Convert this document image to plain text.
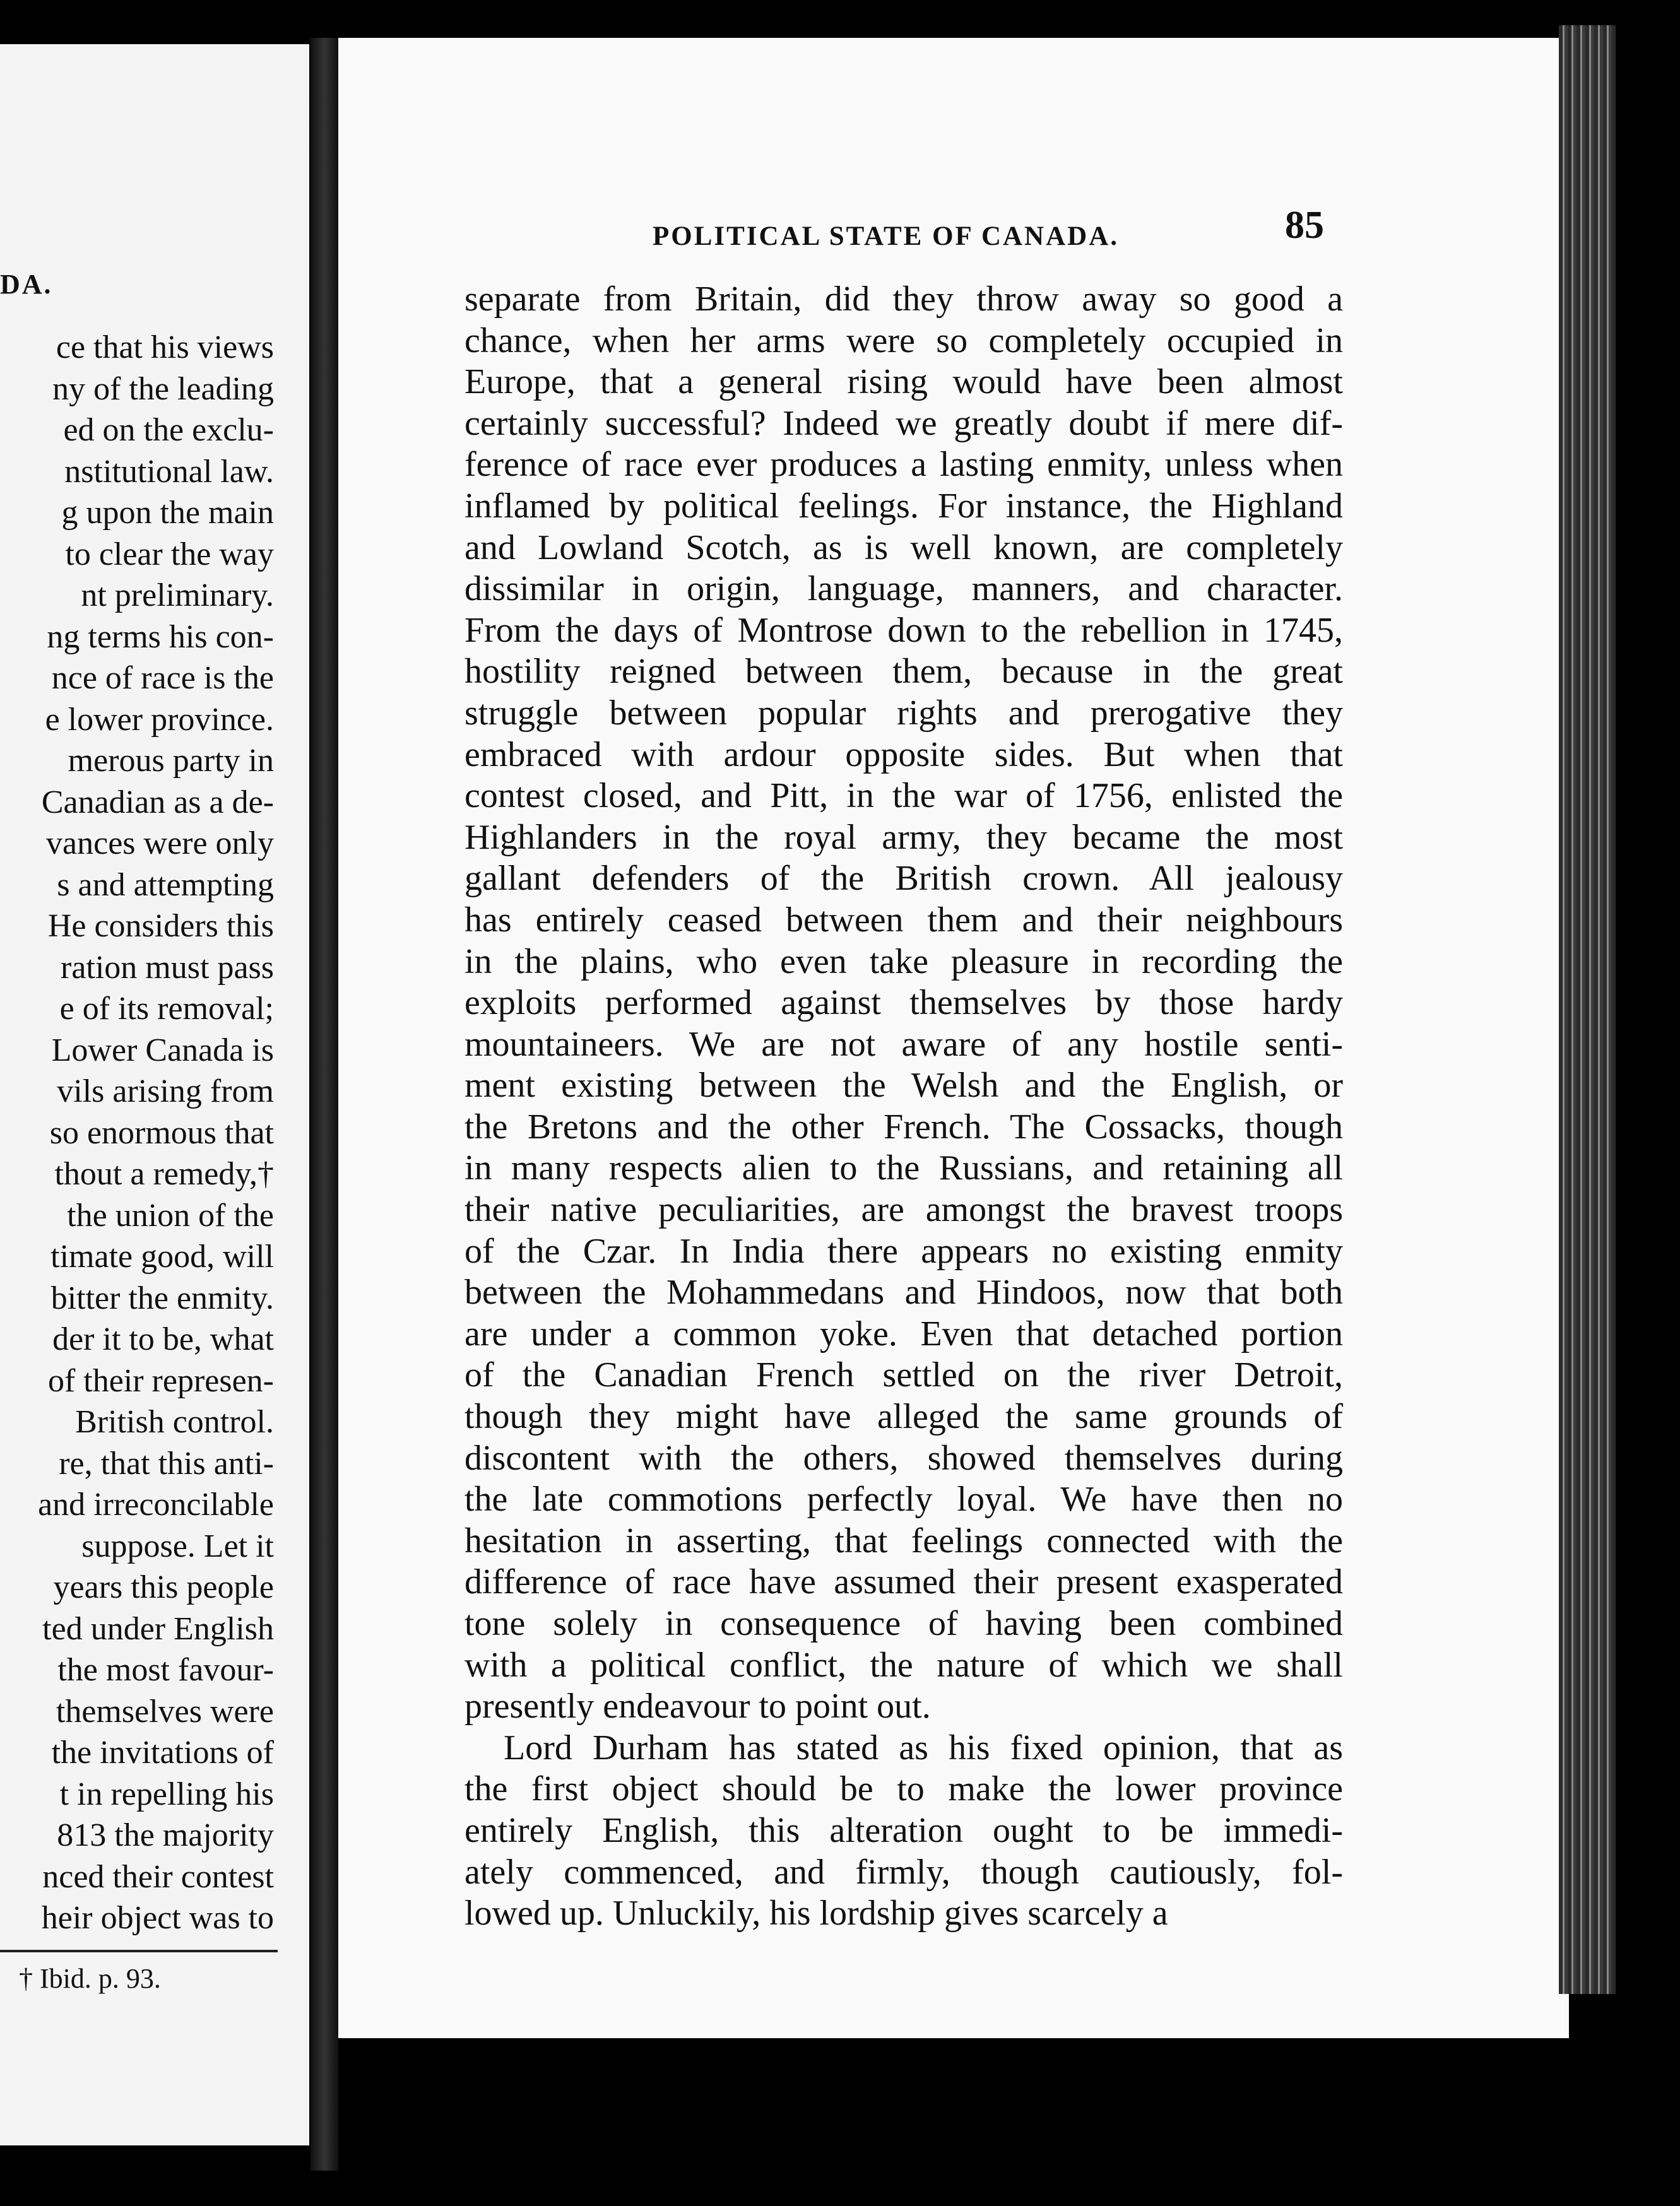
DA.
ce that his views
ny of the leading
ed on the exclu-
nstitutional law.
g upon the main
to clear the way
nt preliminary.
ng terms his con-
nce of race is the
e lower province.
merous party in
Canadian as a de-
vances were only
s and attempting
He considers this
ration must pass
e of its removal;
Lower Canada is
vils arising from
so enormous that
thout a remedy,†
the union of the
timate good, will
bitter the enmity.
der it to be, what
of their represen-
British control.
re, that this anti-
and irreconcilable
suppose. Let it
years this people
ted under English
the most favour-
themselves were
the invitations of
t in repelling his
813 the majority
nced their contest
heir object was to
† Ibid. p. 93.
POLITICAL STATE OF CANADA.	85
separate from Britain, did they throw away so good a
chance, when her arms were so completely occupied in
Europe, that a general rising would have been almost
certainly successful? Indeed we greatly doubt if mere dif-
ference of race ever produces a lasting enmity, unless when
inflamed by political feelings. For instance, the Highland
and Lowland Scotch, as is well known, are completely
dissimilar in origin, language, manners, and character.
From the days of Montrose down to the rebellion in 1745,
hostility reigned between them, because in the great
struggle between popular rights and prerogative they
embraced with ardour opposite sides. But when that
contest closed, and Pitt, in the war of 1756, enlisted the
Highlanders in the royal army, they became the most
gallant defenders of the British crown. All jealousy
has entirely ceased between them and their neighbours
in the plains, who even take pleasure in recording the
exploits performed against themselves by those hardy
mountaineers. We are not aware of any hostile senti-
ment existing between the Welsh and the English, or
the Bretons and the other French. The Cossacks, though
in many respects alien to the Russians, and retaining all
their native peculiarities, are amongst the bravest troops
of the Czar. In India there appears no existing enmity
between the Mohammedans and Hindoos, now that both
are under a common yoke. Even that detached portion
of the Canadian French settled on the river Detroit,
though they might have alleged the same grounds of
discontent with the others, showed themselves during
the late commotions perfectly loyal. We have then no
hesitation in asserting, that feelings connected with the
difference of race have assumed their present exasperated
tone solely in consequence of having been combined
with a political conflict, the nature of which we shall
presently endeavour to point out.
Lord Durham has stated as his fixed opinion, that as
the first object should be to make the lower province
entirely English, this alteration ought to be immedi-
ately commenced, and firmly, though cautiously, fol-
lowed up. Unluckily, his lordship gives scarcely a
